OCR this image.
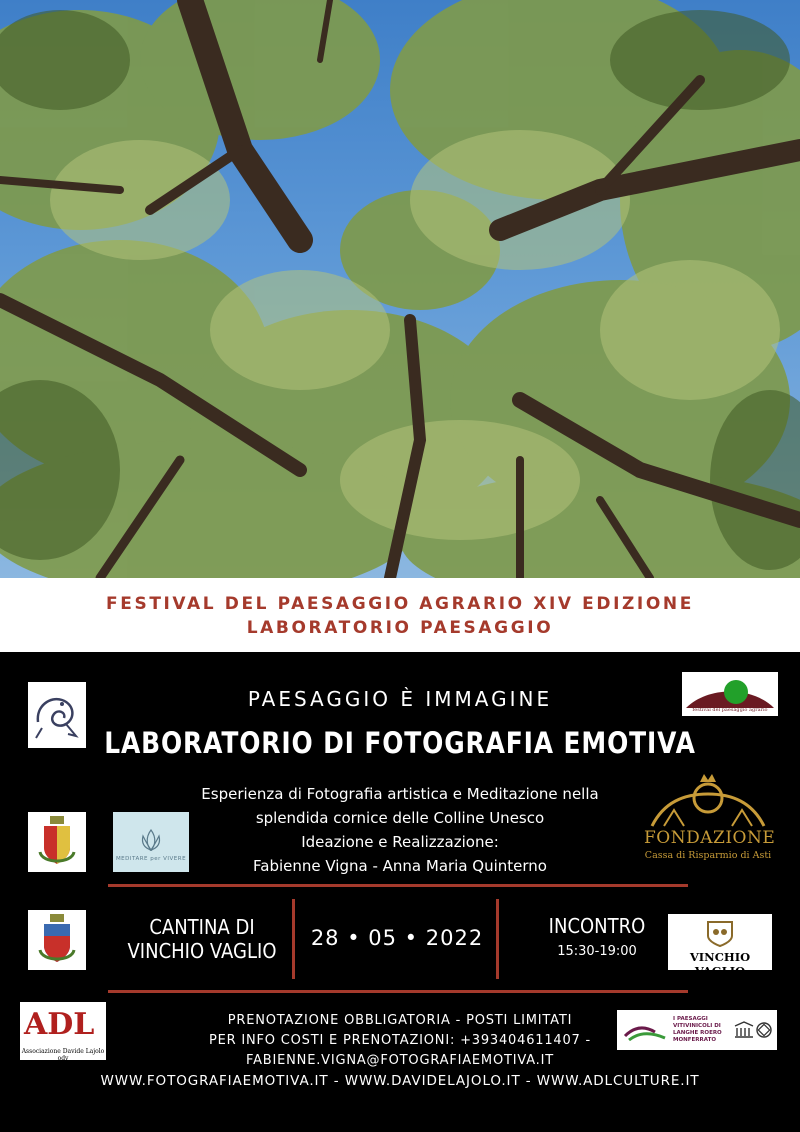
FESTIVAL DEL PAESAGGIO AGRARIO XIV EDIZIONE
LABORATORIO PAESAGGIO
PAESAGGIO È IMMAGINE
LABORATORIO DI FOTOGRAFIA EMOTIVA
Esperienza di Fotografia artistica e Meditazione nella
splendida cornice delle Colline Unesco
Ideazione e Realizzazione:
Fabienne Vigna - Anna Maria Quinterno
CANTINA DI
VINCHIO VAGLIO
28 • 05 • 2022	INCONTRO
15:30-19:00
PRENOTAZIONE OBBLIGATORIA - POSTI LIMITATI
PER INFO COSTI E PRENOTAZIONI: +393404611407 -
FABIENNE.VIGNA@FOTOGRAFIAEMOTIVA.IT
WWW.FOTOGRAFIAEMOTIVA.IT - WWW.DAVIDELAJOLO.IT - WWW.ADLCULTURE.IT
festival del paesaggio agrario
MEDITARE per VIVERE
FONDAZIONE
Cassa di Risparmio di Asti
VINCHIO VAGLIO
ADL
Associazione Davide Lajolo odv
I PAESAGGI
VITIVINICOLI DI
LANGHE ROERO
MONFERRATO
